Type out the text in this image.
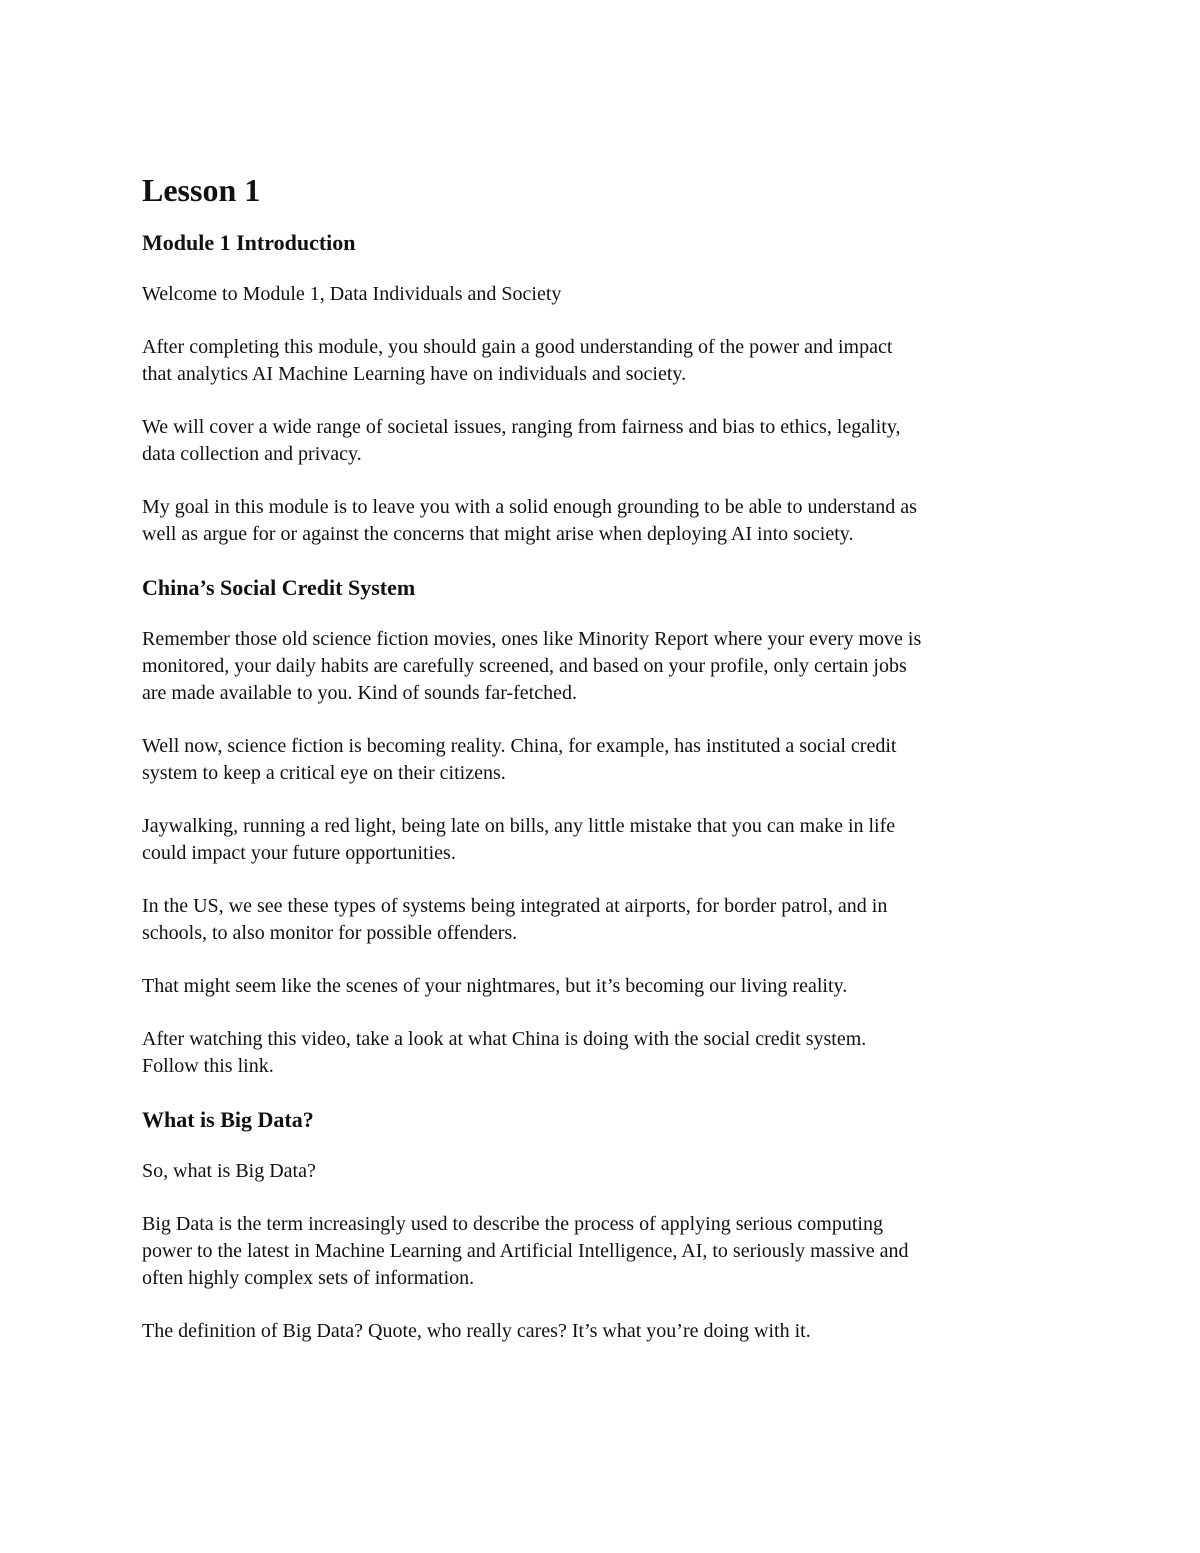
Lesson 1
Module 1 Introduction
Welcome to Module 1, Data Individuals and Society
After completing this module, you should gain a good understanding of the power and impact
that analytics AI Machine Learning have on individuals and society.
We will cover a wide range of societal issues, ranging from fairness and bias to ethics, legality,
data collection and privacy.
My goal in this module is to leave you with a solid enough grounding to be able to understand as
well as argue for or against the concerns that might arise when deploying AI into society.
China’s Social Credit System
Remember those old science fiction movies, ones like Minority Report where your every move is
monitored, your daily habits are carefully screened, and based on your profile, only certain jobs
are made available to you. Kind of sounds far-fetched.
Well now, science fiction is becoming reality. China, for example, has instituted a social credit
system to keep a critical eye on their citizens.
Jaywalking, running a red light, being late on bills, any little mistake that you can make in life
could impact your future opportunities.
In the US, we see these types of systems being integrated at airports, for border patrol, and in
schools, to also monitor for possible offenders.
That might seem like the scenes of your nightmares, but it’s becoming our living reality.
After watching this video, take a look at what China is doing with the social credit system.
Follow this link.
What is Big Data?
So, what is Big Data?
Big Data is the term increasingly used to describe the process of applying serious computing
power to the latest in Machine Learning and Artificial Intelligence, AI, to seriously massive and
often highly complex sets of information.
The definition of Big Data? Quote, who really cares? It’s what you’re doing with it.
